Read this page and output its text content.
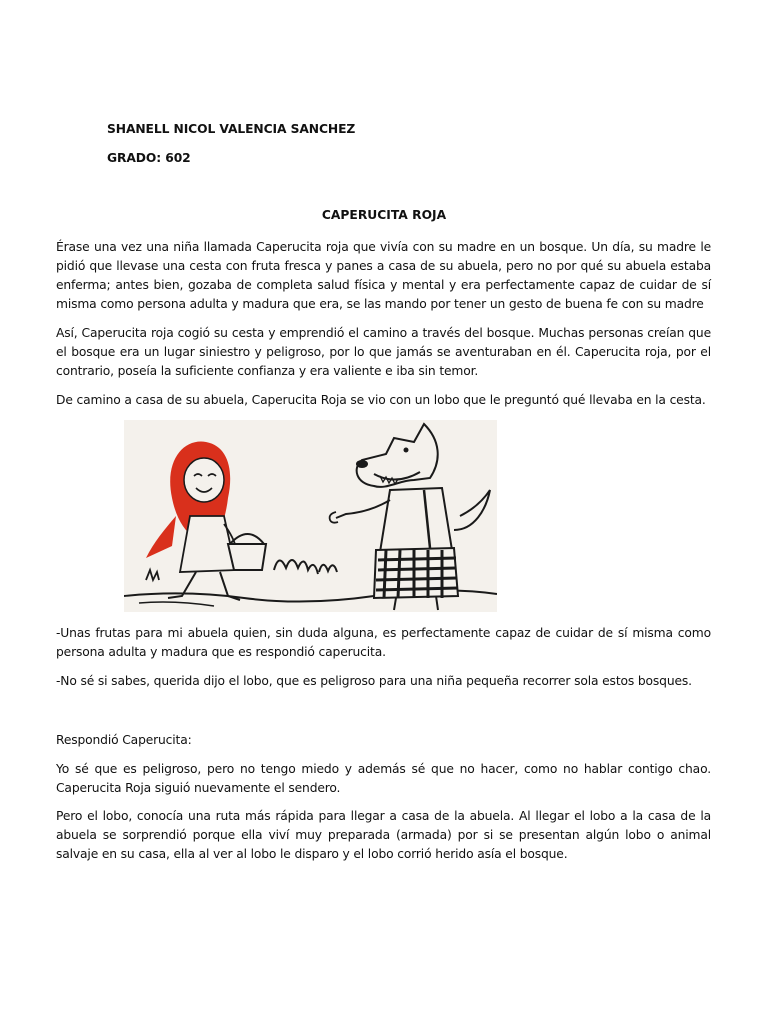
SHANELL NICOL VALENCIA SANCHEZ
GRADO: 602
CAPERUCITA ROJA

Érase una vez una niña llamada Caperucita roja que vivía con su madre en un bosque. Un día, su madre le pidió que llevase una cesta con fruta fresca y panes a casa de su abuela, pero no por qué su abuela estaba enferma; antes bien, gozaba de completa salud física y mental y era perfectamente capaz de cuidar de sí misma como persona adulta y madura que era, se las mando por tener un gesto de buena fe con su madre

Así, Caperucita roja cogió su cesta y emprendió el camino a través del bosque. Muchas personas creían que el bosque era un lugar siniestro y peligroso, por lo que jamás se aventuraban en él. Caperucita roja, por el contrario, poseía la suficiente confianza y era valiente e iba sin temor.

De camino a casa de su abuela, Caperucita Roja se vio con un lobo que le preguntó qué llevaba en la cesta.

-Unas frutas para mi abuela quien, sin duda alguna, es perfectamente capaz de cuidar de sí misma como persona adulta y madura que es respondió caperucita.

-No sé si sabes, querida dijo el lobo, que es peligroso para una niña pequeña recorrer sola estos bosques.

Respondió Caperucita:

Yo sé que es peligroso, pero no tengo miedo y además sé que no hacer, como no hablar contigo chao. Caperucita Roja siguió nuevamente el sendero.

Pero el lobo, conocía una ruta más rápida para llegar a casa de la abuela. Al llegar el lobo a la casa de la abuela se sorprendió porque ella viví muy preparada (armada) por si se presentan algún lobo o animal salvaje en su casa, ella al ver al lobo le disparo y el lobo corrió herido asía el bosque.
